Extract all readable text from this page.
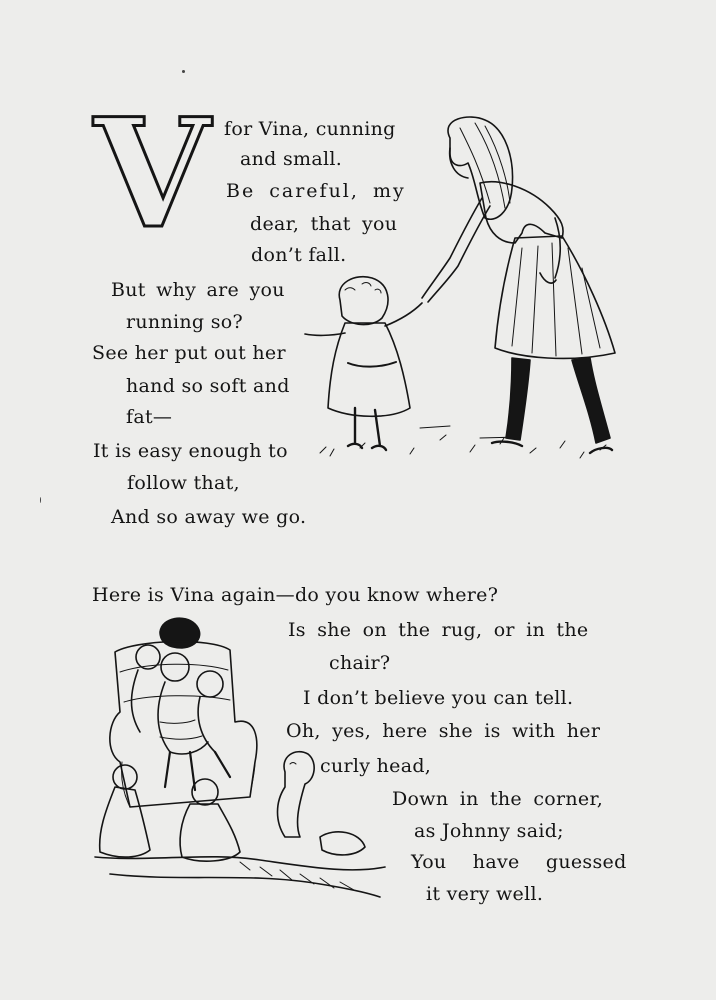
V for Vina, cunning
and small.
Be careful, my
dear, that you
don’t fall.
But why are you
running so?
See her put out her
hand so soft and
fat—
It is easy enough to
follow that,
And so away we go.
Here is Vina again—do you know where?
Is she on the rug, or in the
chair?
I don’t believe you can tell.
Oh, yes, here she is with her
curly head,
Down in the corner,
as Johnny said;
You have guessed
it very well.
